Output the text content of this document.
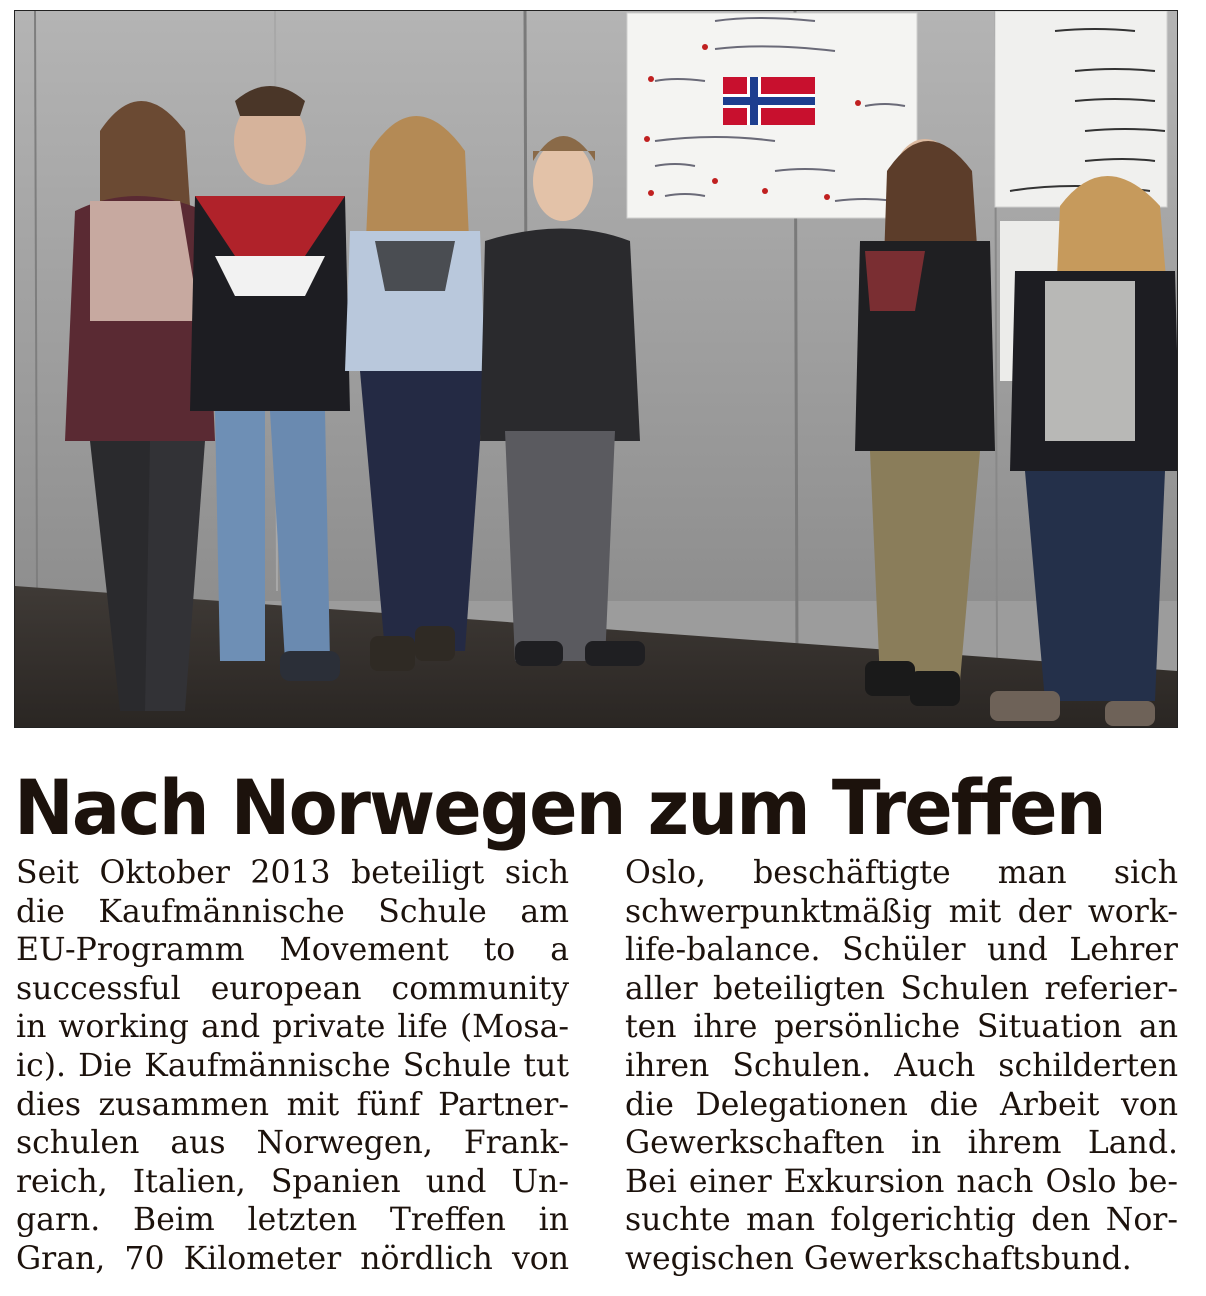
Nach Norwegen zum Treffen
Seit Oktober 2013 beteiligt sich
die Kaufmännische Schule am
EU-Programm Movement to a
successful european community
in working and private life (Mosa-
ic). Die Kaufmännische Schule tut
dies zusammen mit fünf Partner-
schulen aus Norwegen, Frank-
reich, Italien, Spanien und Un-
garn. Beim letzten Treffen in
Gran, 70 Kilometer nördlich von
Oslo, beschäftigte man sich
schwerpunktmäßig mit der work-
life-balance. Schüler und Lehrer
aller beteiligten Schulen referier-
ten ihre persönliche Situation an
ihren Schulen. Auch schilderten
die Delegationen die Arbeit von
Gewerkschaften in ihrem Land.
Bei einer Exkursion nach Oslo be-
suchte man folgerichtig den Nor-
wegischen Gewerkschaftsbund.
